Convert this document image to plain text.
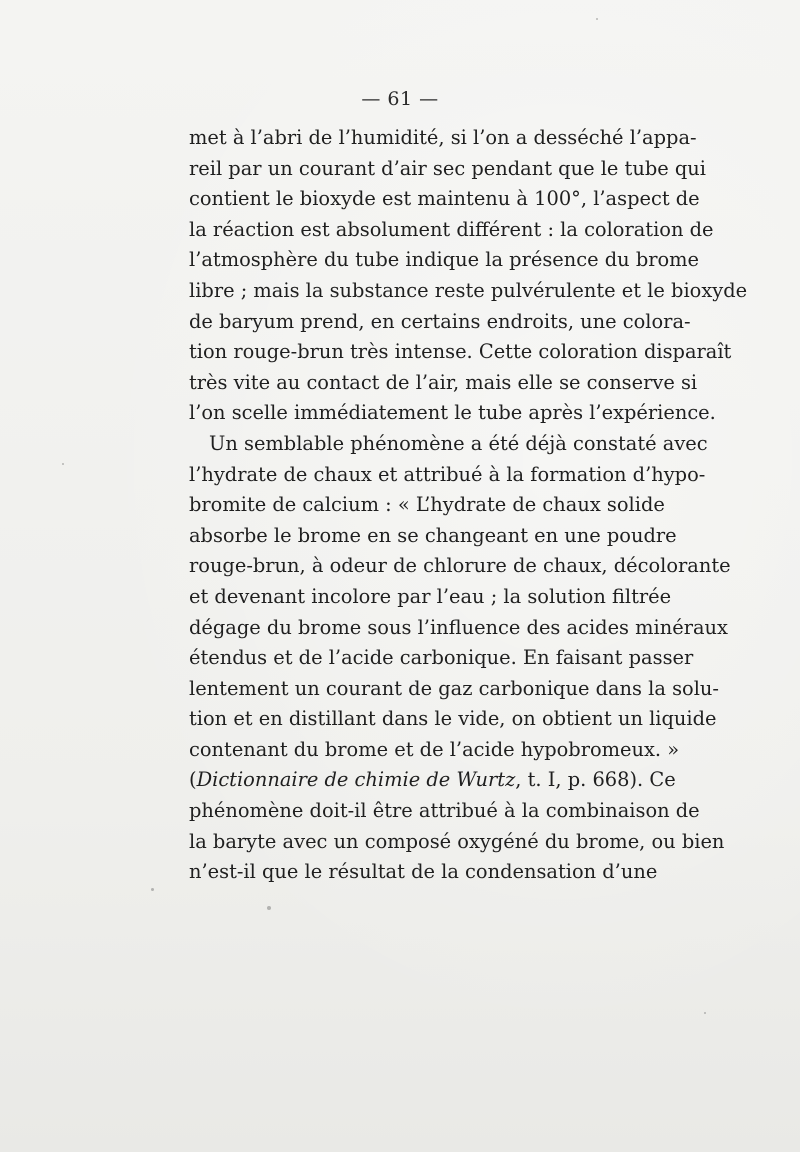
— 61 —
met à l’abri de l’humidité, si l’on a desséché l’appa-
reil par un courant d’air sec pendant que le tube qui
contient le bioxyde est maintenu à 100°, l’aspect de
la réaction est absolument différent : la coloration de
l’atmosphère du tube indique la présence du brome
libre ; mais la substance reste pulvérulente et le bioxyde
de baryum prend, en certains endroits, une colora-
tion rouge-brun très intense. Cette coloration disparaît
très vite au contact de l’air, mais elle se conserve si
l’on scelle immédiatement le tube après l’expérience.
Un semblable phénomène a été déjà constaté avec
l’hydrate de chaux et attribué à la formation d’hypo-
bromite de calcium : « L’hydrate de chaux solide
absorbe le brome en se changeant en une poudre
rouge-brun, à odeur de chlorure de chaux, décolorante
et devenant incolore par l’eau ; la solution filtrée
dégage du brome sous l’influence des acides minéraux
étendus et de l’acide carbonique. En faisant passer
lentement un courant de gaz carbonique dans la solu-
tion et en distillant dans le vide, on obtient un liquide
contenant du brome et de l’acide hypobromeux. »
(Dictionnaire de chimie de Wurtz, t. I, p. 668). Ce
phénomène doit-il être attribué à la combinaison de
la baryte avec un composé oxygéné du brome, ou bien
n’est-il que le résultat de la condensation d’une
